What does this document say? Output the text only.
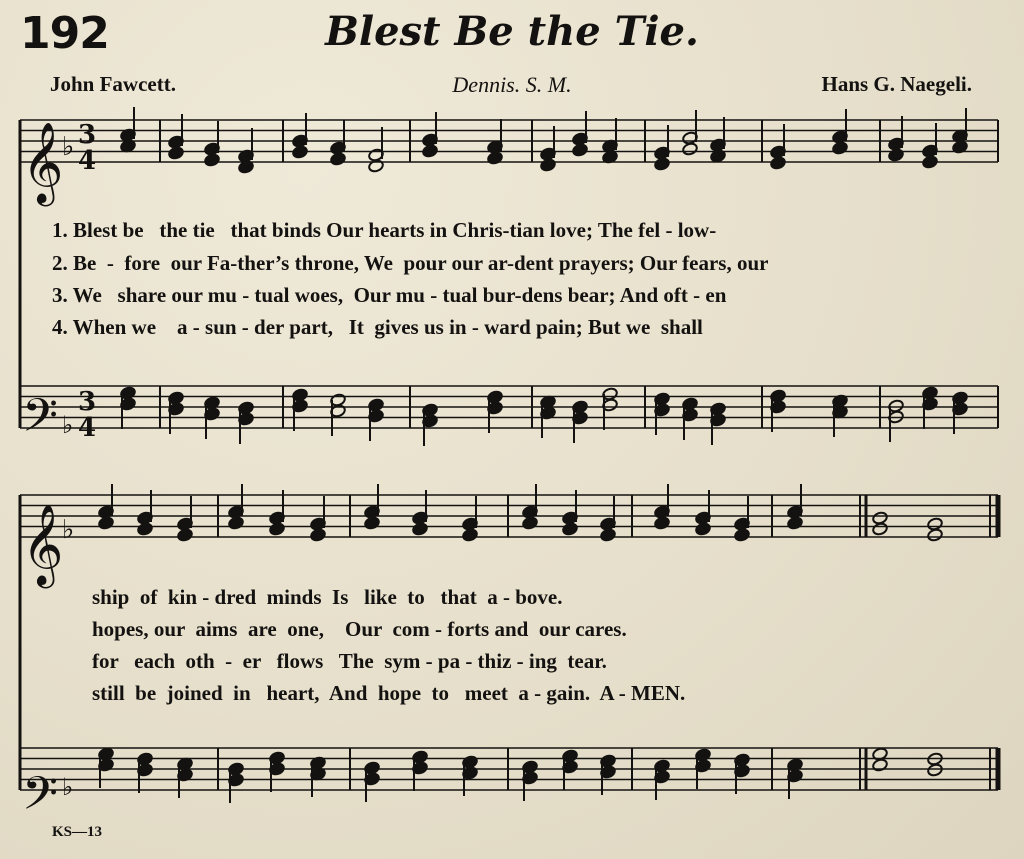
192	Blest Be the Tie.
John Fawcett.	Dennis. S. M.	Hans G. Naegeli.
𝄞
𝄞
𝄢
𝄢
♭
♭
♭
♭
3
4
3
4
1. Blest be   the tie   that binds Our hearts in Chris-tian love; The fel - low-
2. Be  -  fore  our Fa-ther’s throne, We  pour our ar-dent prayers; Our fears, our
3. We   share our mu - tual woes,  Our mu - tual bur-dens bear; And oft - en
4. When we    a - sun - der part,   It  gives us in - ward pain; But we  shall
ship  of  kin - dred  minds  Is   like  to   that  a - bove.
hopes, our  aims  are  one,    Our  com - forts and  our cares.
for   each  oth  -  er   flows   The  sym - pa - thiz - ing  tear.
still  be  joined  in   heart,  And  hope  to   meet  a - gain.  A - MEN.
KS—13
